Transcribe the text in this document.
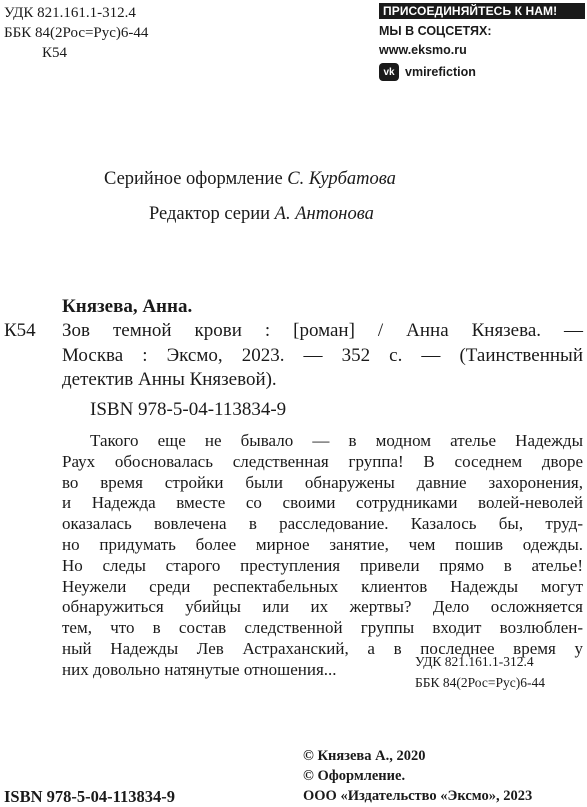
УДК 821.161.1-312.4
ББК 84(2Рос=Рус)6-44
К54
ПРИСОЕДИНЯЙТЕСЬ К НАМ!
МЫ В СОЦСЕТЯХ:
www.eksmo.ru
vk vmirefiction
Серийное оформление С. Курбатова
Редактор серии А. Антонова
Князева, Анна.
К54 Зов темной крови : [роман] / Анна Князева. —
Москва : Эксмо, 2023. — 352 с. — (Таинственный
детектив Анны Князевой).
ISBN 978-5-04-113834-9
Такого еще не бывало — в модном ателье Надежды
Раух обосновалась следственная группа! В соседнем дворе
во время стройки были обнаружены давние захоронения,
и Надежда вместе со своими сотрудниками волей-неволей
оказалась вовлечена в расследование. Казалось бы, труд-
но придумать более мирное занятие, чем пошив одежды.
Но следы старого преступления привели прямо в ателье!
Неужели среди респектабельных клиентов Надежды могут
обнаружиться убийцы или их жертвы? Дело осложняется
тем, что в состав следственной группы входит возлюблен-
ный Надежды Лев Астраханский, а в последнее время у
них довольно натянутые отношения...	УДК 821.161.1-312.4
ББК 84(2Рос=Рус)6-44
© Князева А., 2020
© Оформление.
ООО «Издательство «Эксмо», 2023
ISBN 978-5-04-113834-9
